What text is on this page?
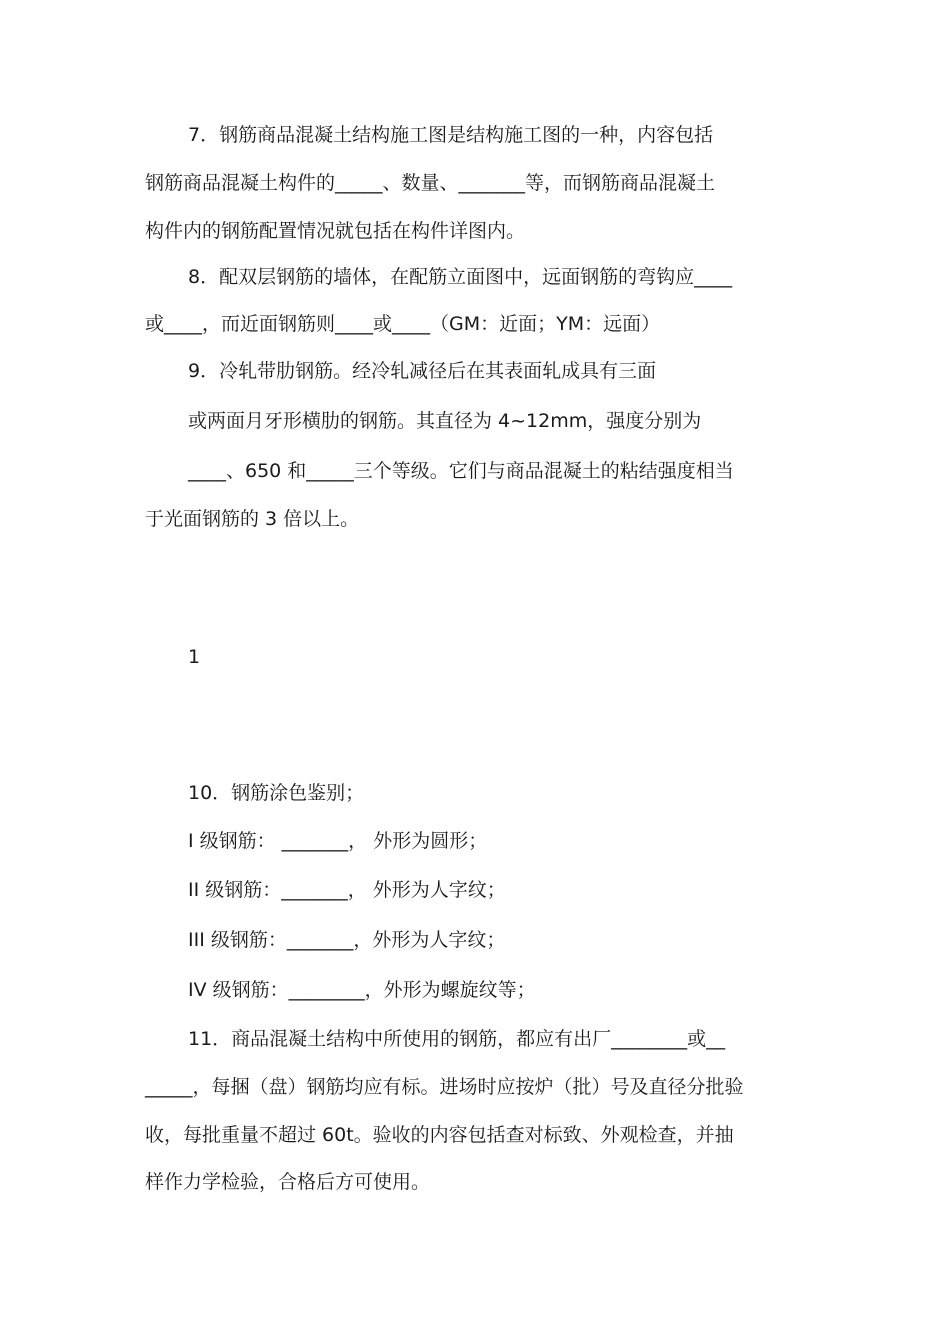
7．钢筋商品混凝土结构施工图是结构施工图的一种，内容包括
钢筋商品混凝土构件的_____、数量、_______等，而钢筋商品混凝土
构件内的钢筋配置情况就包括在构件详图内。
8．配双层钢筋的墙体，在配筋立面图中，远面钢筋的弯钩应____
或____，而近面钢筋则____或____（GM：近面；YM：远面）
9．冷轧带肋钢筋。经冷轧减径后在其表面轧成具有三面
或两面月牙形横肋的钢筋。其直径为 4~12mm，强度分别为
____、650 和_____三个等级。它们与商品混凝土的粘结强度相当
于光面钢筋的 3 倍以上。
1
10．钢筋涂色鉴别；
I 级钢筋： _______， 外形为圆形；
II 级钢筋：_______， 外形为人字纹；
III 级钢筋：_______，外形为人字纹；
IV 级钢筋：________，外形为螺旋纹等；
11．商品混凝土结构中所使用的钢筋，都应有出厂________或__
_____，每捆（盘）钢筋均应有标。进场时应按炉（批）号及直径分批验
收，每批重量不超过 60t。验收的内容包括查对标致、外观检查，并抽
样作力学检验，合格后方可使用。
